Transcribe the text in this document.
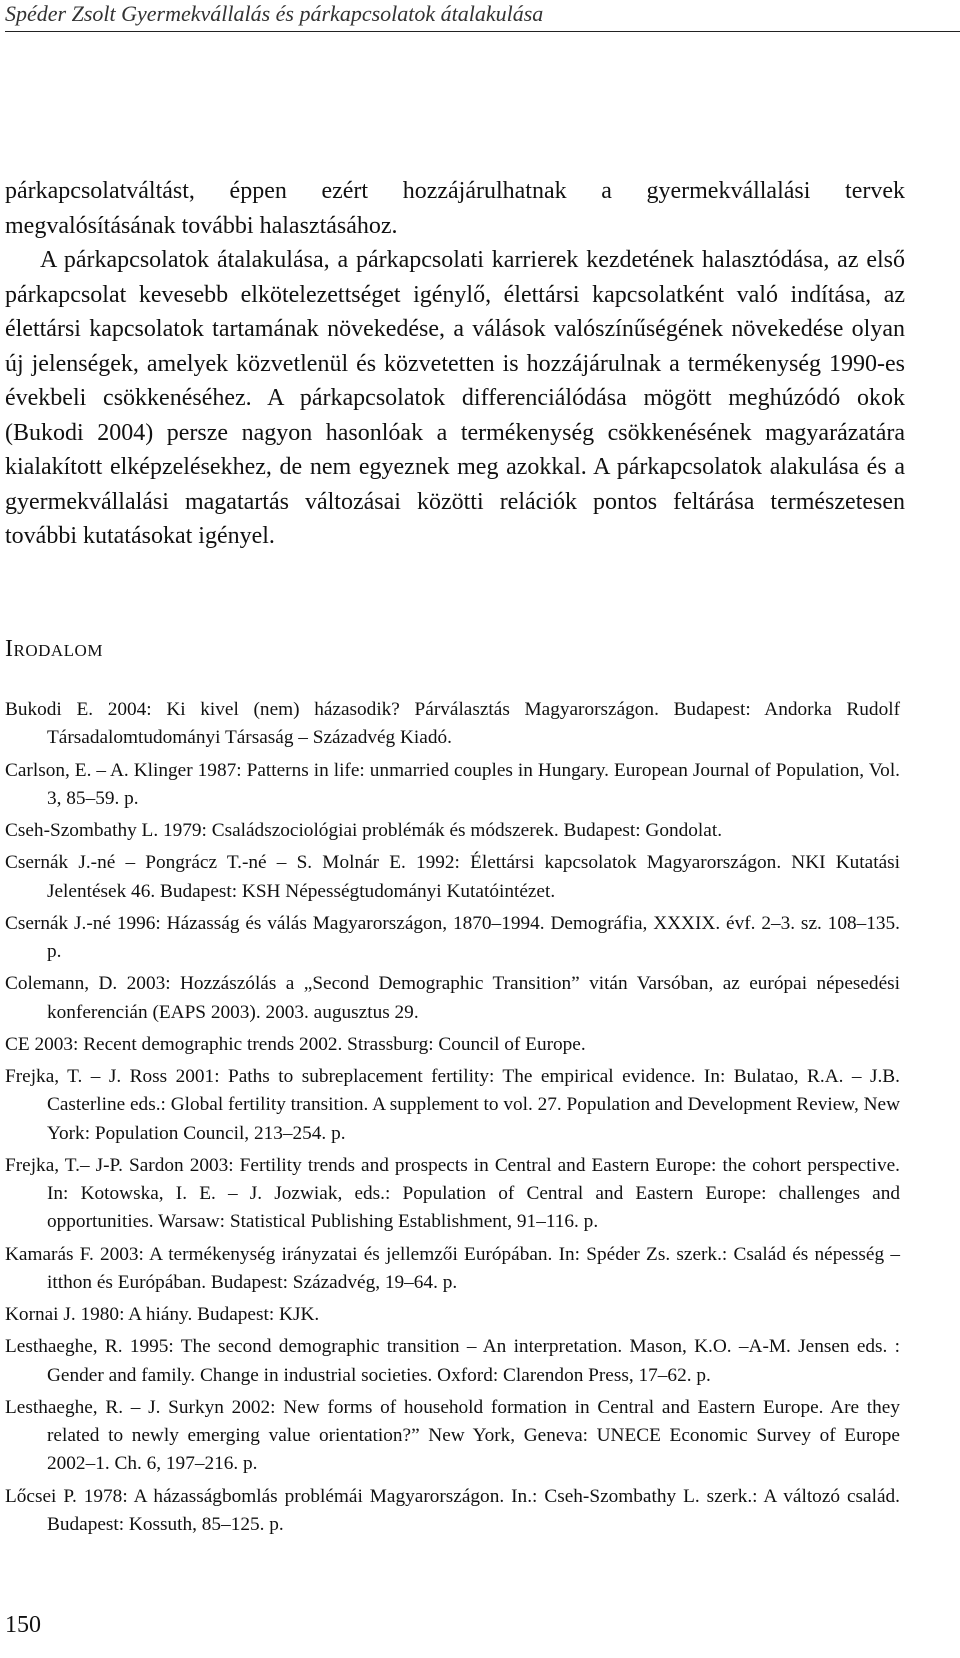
Spéder Zsolt Gyermekvállalás és párkapcsolatok átalakulása

párkapcsolatváltást, éppen ezért hozzájárulhatnak a gyermekvállalási tervek megvalósításának további halasztásához.

A párkapcsolatok átalakulása, a párkapcsolati karrierek kezdetének halasztódása, az első párkapcsolat kevesebb elkötelezettséget igénylő, élettársi kapcsolatként való indítása, az élettársi kapcsolatok tartamának növekedése, a válások valószínűségének növekedése olyan új jelenségek, amelyek közvetlenül és közvetetten is hozzájárulnak a termékenység 1990-es évekbeli csökkenéséhez. A párkapcsolatok differenciálódása mögött meghúzódó okok (Bukodi 2004) persze nagyon hasonlóak a termékenység csökkenésének magyarázatára kialakított elképzelésekhez, de nem egyeznek meg azokkal. A párkapcsolatok alakulása és a gyermekvállalási magatartás változásai közötti relációk pontos feltárása természetesen további kutatásokat igényel.

Irodalom

Bukodi E. 2004: Ki kivel (nem) házasodik? Párválasztás Magyarországon. Budapest: Andorka Rudolf Társadalomtudományi Társaság – Századvég Kiadó.

Carlson, E. – A. Klinger 1987: Patterns in life: unmarried couples in Hungary. European Journal of Population, Vol. 3, 85–59. p.

Cseh-Szombathy L. 1979: Családszociológiai problémák és módszerek. Budapest: Gondolat.

Csernák J.-né – Pongrácz T.-né – S. Molnár E. 1992: Élettársi kapcsolatok Magyarországon. NKI Kutatási Jelentések 46. Budapest: KSH Népességtudományi Kutatóintézet.

Csernák J.-né 1996: Házasság és válás Magyarországon, 1870–1994. Demográfia, XXXIX. évf. 2–3. sz. 108–135. p.

Colemann, D. 2003: Hozzászólás a „Second Demographic Transition” vitán Varsóban, az európai népesedési konferencián (EAPS 2003). 2003. augusztus 29.

CE 2003: Recent demographic trends 2002. Strassburg: Council of Europe.

Frejka, T. – J. Ross 2001: Paths to subreplacement fertility: The empirical evidence. In: Bulatao, R.A. – J.B. Casterline eds.: Global fertility transition. A supplement to vol. 27. Population and Development Review, New York: Population Council, 213–254. p.

Frejka, T.– J-P. Sardon 2003: Fertility trends and prospects in Central and Eastern Europe: the cohort perspective. In: Kotowska, I. E. – J. Jozwiak, eds.: Population of Central and Eastern Europe: challenges and opportunities. Warsaw: Statistical Publishing Establishment, 91–116. p.

Kamarás F. 2003: A termékenység irányzatai és jellemzői Európában. In: Spéder Zs. szerk.: Család és népesség – itthon és Európában. Budapest: Századvég, 19–64. p.

Kornai J. 1980: A hiány. Budapest: KJK.

Lesthaeghe, R. 1995: The second demographic transition – An interpretation. Mason, K.O. –A-M. Jensen eds. : Gender and family. Change in industrial societies. Oxford: Clarendon Press, 17–62. p.

Lesthaeghe, R. – J. Surkyn 2002: New forms of household formation in Central and Eastern Europe. Are they related to newly emerging value orientation?” New York, Geneva: UNECE Economic Survey of Europe 2002–1. Ch. 6, 197–216. p.

Lőcsei P. 1978: A házasságbomlás problémái Magyarországon. In.: Cseh-Szombathy L. szerk.: A változó család. Budapest: Kossuth, 85–125. p.

150
